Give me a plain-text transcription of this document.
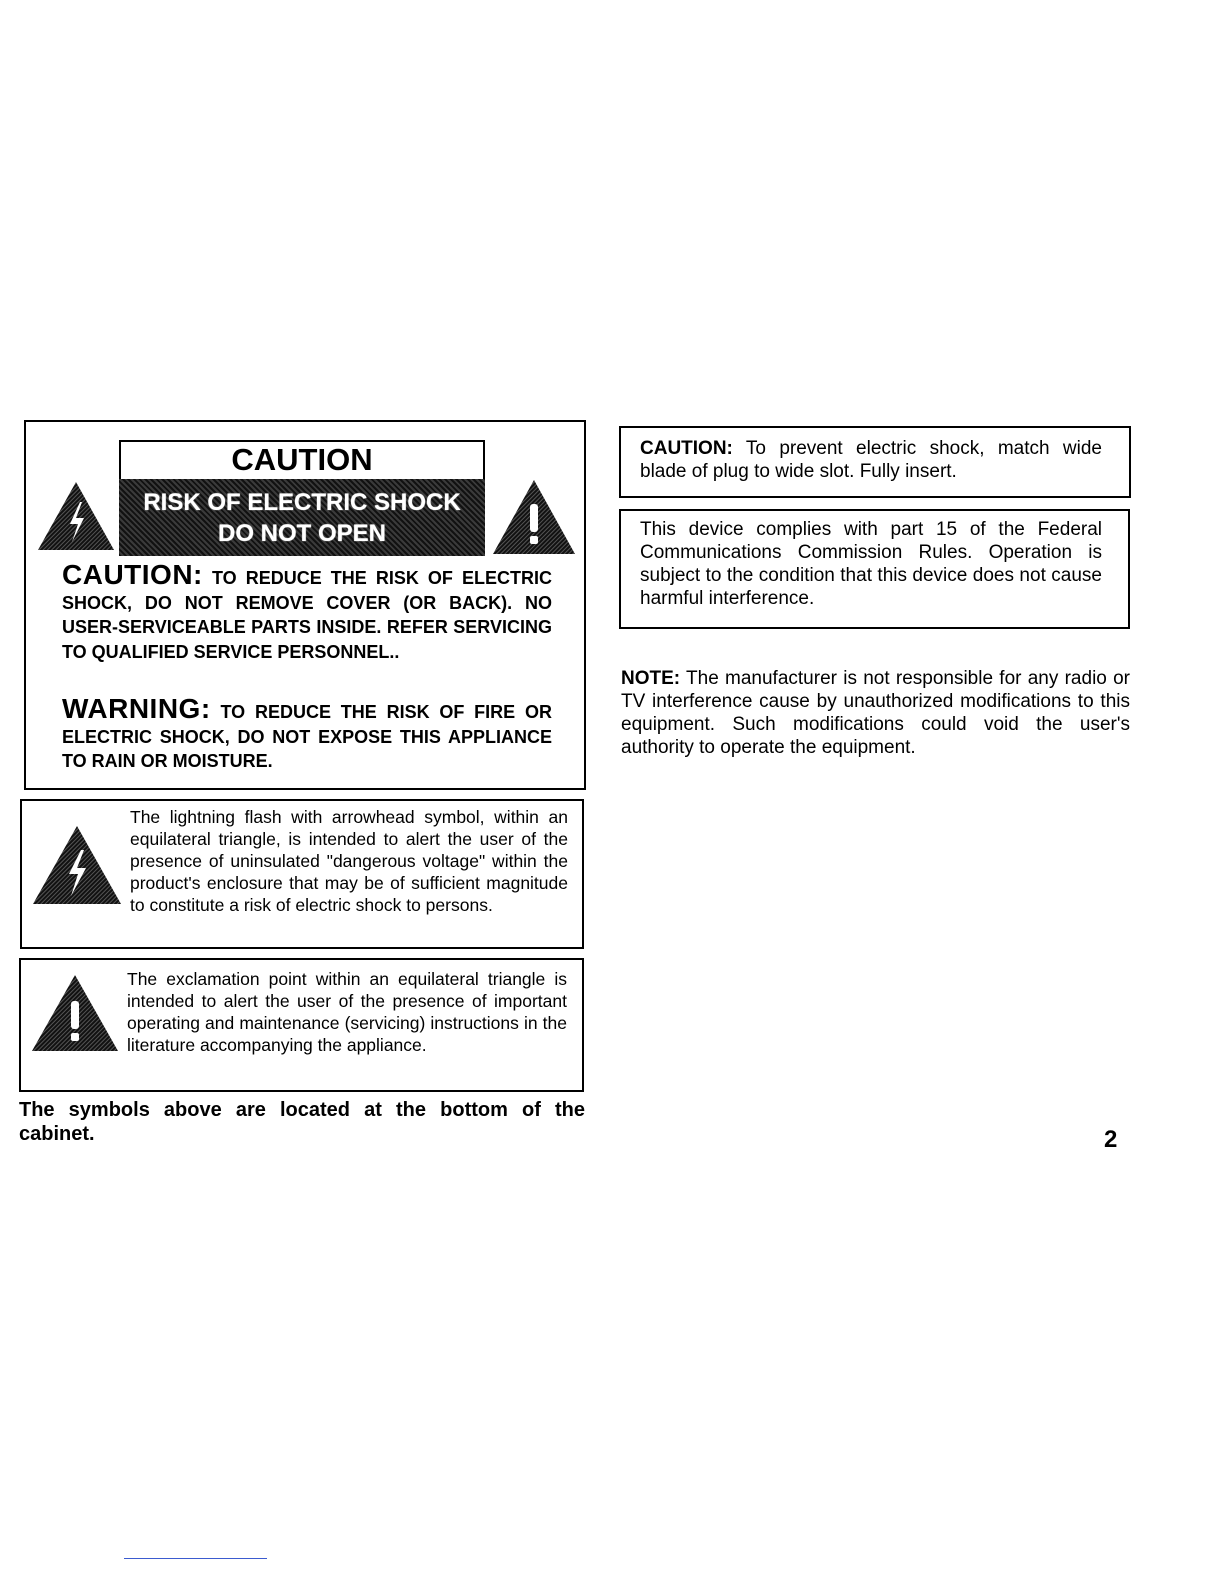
CAUTION
RISK OF ELECTRIC SHOCK
DO NOT OPEN
CAUTION: TO REDUCE THE RISK OF ELECTRIC SHOCK, DO NOT REMOVE COVER (OR BACK). NO USER-SERVICEABLE PARTS INSIDE. REFER SERVICING TO QUALIFIED SERVICE PERSONNEL..
WARNING: TO REDUCE THE RISK OF FIRE OR ELECTRIC SHOCK, DO NOT EXPOSE THIS APPLIANCE TO RAIN OR MOISTURE.
The lightning flash with arrowhead symbol, within an equilateral triangle, is intended to alert the user of the presence of uninsulated "dangerous voltage" within the product's enclosure that may be of sufficient magnitude to constitute a risk of electric shock to persons.
The exclamation point within an equilateral triangle is intended to alert the user of the presence of important operating and maintenance (servicing) instructions in the literature accompanying the appliance.
The symbols above are located at the bottom of the cabinet.
CAUTION: To prevent electric shock, match wide blade of plug to wide slot. Fully insert.
This device complies with part 15 of the Federal Communications Commission Rules. Operation is subject to the condition that this device does not cause harmful interference.
NOTE: The manufacturer is not responsible for any radio or TV interference cause by unauthorized modifications to this equipment. Such modifications could void the user's authority to operate the equipment.
2
